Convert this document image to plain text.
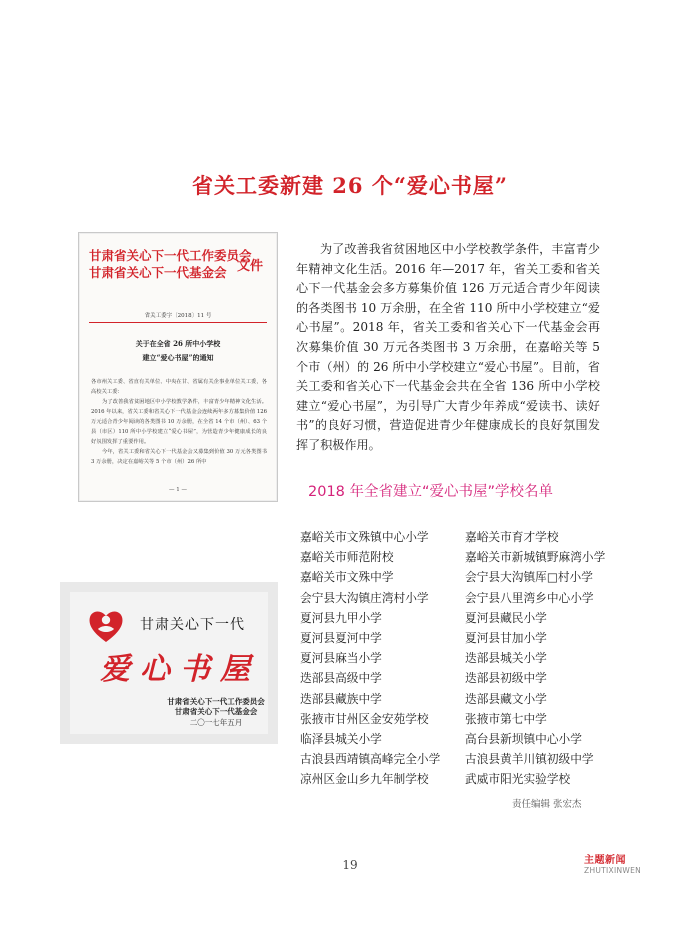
省关工委新建 26 个“爱心书屋”
甘肃省关心下一代工作委员会
甘肃省关心下一代基金会 文件
省关工委字〔2018〕11 号
关于在全省 26 所中小学校
建立“爱心书屋”的通知

各市州关工委、省直有关单位、中央在甘、省属有关企事业单位关工委，各高校关工委：

为了改善我省贫困地区中小学校教学条件，丰富青少年精神文化生活。2016 年以来，省关工委和省关心下一代基金会连续两年多方募集价值 126 万元适合青少年阅读的各类图书 10 万余册，在全省 14 个市（州）、63 个县（市区）110 所中小学校建立“爱心书屋”，为营造青少年健康成长的良好氛围发挥了重要作用。

今年，省关工委和省关心下一代基金会又募集到价值 30 万元各类图书 3 万余册，决定在嘉峪关等 5 个市（州）26 所中

— 1 —

为了改善我省贫困地区中小学校教学条件，丰富青少年精神文化生活。2016 年—2017 年，省关工委和省关心下一代基金会多方募集价值 126 万元适合青少年阅读的各类图书 10 万余册，在全省 110 所中小学校建立“爱心书屋”。2018 年，省关工委和省关心下一代基金会再次募集价值 30 万元各类图书 3 万余册，在嘉峪关等 5 个市（州）的 26 所中小学校建立“爱心书屋”。目前，省关工委和省关心下一代基金会共在全省 136 所中小学校建立“爱心书屋”，为引导广大青少年养成“爱读书、读好书”的良好习惯，营造促进青少年健康成长的良好氛围发挥了积极作用。

2018 年全省建立“爱心书屋”学校名单
甘肃关心下一代
爱心书屋
甘肃省关心下一代工作委员会
甘肃省关心下一代基金会
二〇一七年五月
嘉峪关市文殊镇中心小学
嘉峪关市师范附校
嘉峪关市文殊中学
会宁县大沟镇庄湾村小学
夏河县九甲小学
夏河县夏河中学
夏河县麻当小学
迭部县高级中学
迭部县藏族中学
张掖市甘州区金安苑学校
临泽县城关小学
古浪县西靖镇高峰完全小学
凉州区金山乡九年制学校
嘉峪关市育才学校
嘉峪关市新城镇野麻湾小学
会宁县大沟镇厍□村小学
会宁县八里湾乡中心小学
夏河县藏民小学
夏河县甘加小学
迭部县城关小学
迭部县初级中学
迭部县藏文小学
张掖市第七中学
高台县新坝镇中心小学
古浪县黄羊川镇初级中学
武威市阳光实验学校
责任编辑 张宏杰
19	主题新闻
ZHUTIXINWEN
